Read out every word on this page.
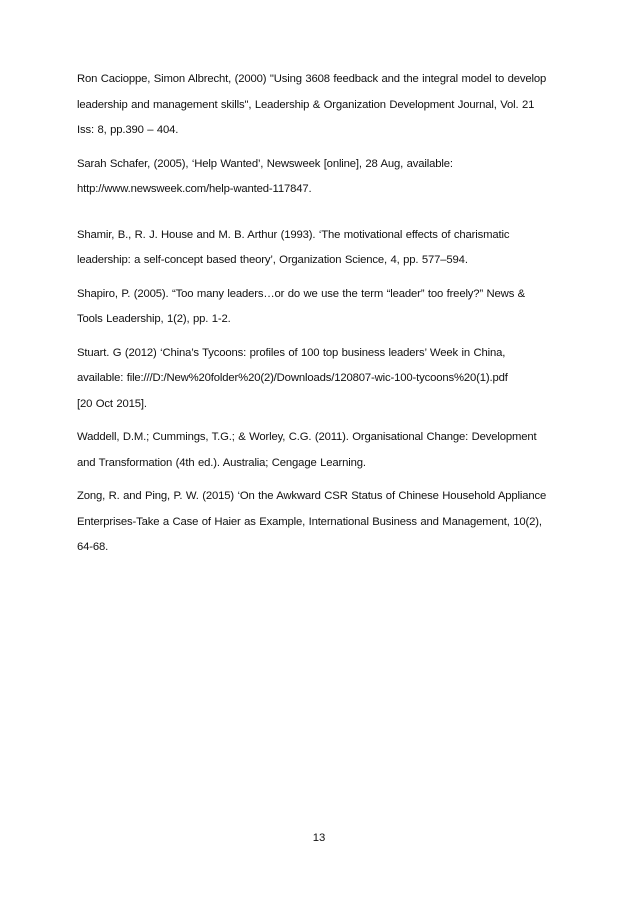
Ron Cacioppe, Simon Albrecht, (2000) "Using 3608 feedback and the integral model to develop
leadership and management skills", Leadership & Organization Development Journal, Vol. 21
Iss: 8, pp.390 – 404.

Sarah Schafer, (2005), ‘Help Wanted’, Newsweek [online], 28 Aug, available:
http://www.newsweek.com/help-wanted-117847.

Shamir, B., R. J. House and M. B. Arthur (1993). ‘The motivational effects of charismatic
leadership: a self-concept based theory’, Organization Science, 4, pp. 577–594.

Shapiro, P. (2005). “Too many leaders…or do we use the term “leader” too freely?” News &
Tools Leadership, 1(2), pp. 1-2.

Stuart. G (2012) ‘China’s Tycoons: profiles of 100 top business leaders’ Week in China,
available: file:///D:/New%20folder%20(2)/Downloads/120807-wic-100-tycoons%20(1).pdf
[20 Oct 2015].

Waddell, D.M.; Cummings, T.G.; & Worley, C.G. (2011). Organisational Change: Development
and Transformation (4th ed.). Australia; Cengage Learning.

Zong, R. and Ping, P. W. (2015) ‘On the Awkward CSR Status of Chinese Household Appliance
Enterprises-Take a Case of Haier as Example, International Business and Management, 10(2),
64-68.

13
